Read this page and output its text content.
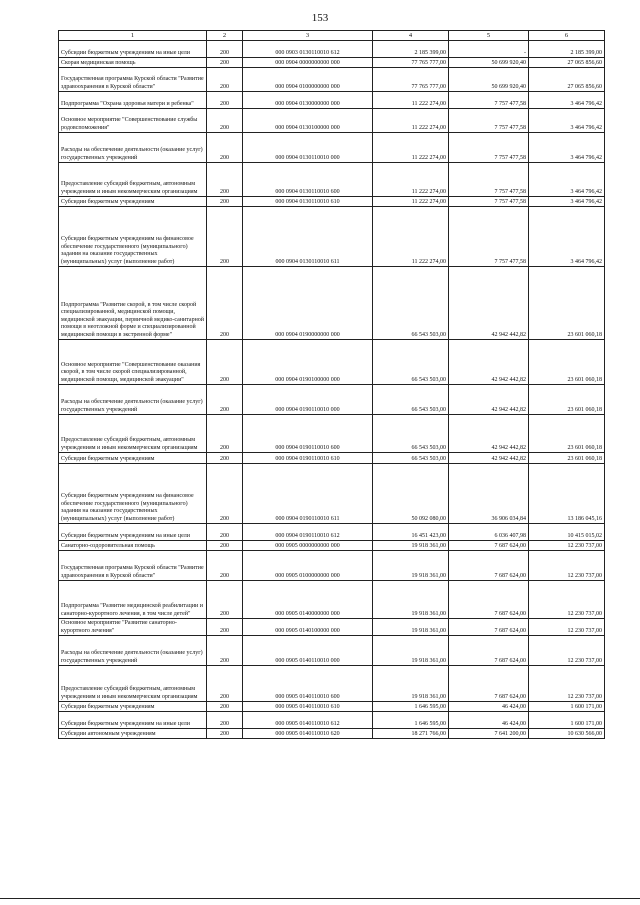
153
1	2	3	4	5	6
Субсидии бюджетным учреждениям на иные цели	200	000 0903 0130110010 612	2 185 399,00	-	2 185 399,00
Скорая медицинская помощь	200	000 0904 0000000000 000	77 765 777,00	50 699 920,40	27 065 856,60
Государственная программа Курской области "Развитие здравоохранения в Курской области"	200	000 0904 0100000000 000	77 765 777,00	50 699 920,40	27 065 856,60
Подпрограмма "Охрана здоровья матери и ребенка"	200	000 0904 0130000000 000	11 222 274,00	7 757 477,58	3 464 796,42
Основное мероприятие "Совершенствование службы родовспоможения"	200	000 0904 0130100000 000	11 222 274,00	7 757 477,58	3 464 796,42
Расходы на обеспечение деятельности (оказание услуг) государственных учреждений	200	000 0904 0130110010 000	11 222 274,00	7 757 477,58	3 464 796,42
Предоставление субсидий бюджетным, автономным учреждениям и иным некоммерческим организациям	200	000 0904 0130110010 600	11 222 274,00	7 757 477,58	3 464 796,42
Субсидии бюджетным учреждениям	200	000 0904 0130110010 610	11 222 274,00	7 757 477,58	3 464 796,42
Субсидии бюджетным учреждениям на финансовое обеспечение государственного (муниципального) задания на оказание государственных (муниципальных) услуг (выполнение работ)	200	000 0904 0130110010 611	11 222 274,00	7 757 477,58	3 464 796,42
Подпрограмма "Развитие скорой, в том числе скорой специализированной, медицинской помощи, медицинской эвакуации, первичной медико-санитарной помощи в неотложной форме и специализированной медицинской помощи в экстренной форме"	200	000 0904 0190000000 000	66 543 503,00	42 942 442,82	23 601 060,18
Основное мероприятие "Совершенствование оказания скорой, в том числе скорой специализированной, медицинской помощи, медицинской эвакуации"	200	000 0904 0190100000 000	66 543 503,00	42 942 442,82	23 601 060,18
Расходы на обеспечение деятельности (оказание услуг) государственных учреждений	200	000 0904 0190110010 000	66 543 503,00	42 942 442,82	23 601 060,18
Предоставление субсидий бюджетным, автономным учреждениям и иным некоммерческим организациям	200	000 0904 0190110010 600	66 543 503,00	42 942 442,82	23 601 060,18
Субсидии бюджетным учреждениям	200	000 0904 0190110010 610	66 543 503,00	42 942 442,82	23 601 060,18
Субсидии бюджетным учреждениям на финансовое обеспечение государственного (муниципального) задания на оказание государственных (муниципальных) услуг (выполнение работ)	200	000 0904 0190110010 611	50 092 080,00	36 906 034,84	13 186 045,16
Субсидии бюджетным учреждениям на иные цели	200	000 0904 0190110010 612	16 451 423,00	6 036 407,98	10 415 015,02
Санаторно-оздоровительная помощь	200	000 0905 0000000000 000	19 918 361,00	7 687 624,00	12 230 737,00
Государственная программа Курской области "Развитие здравоохранения в Курской области"	200	000 0905 0100000000 000	19 918 361,00	7 687 624,00	12 230 737,00
Подпрограмма "Развитие медицинской реабилитации и санаторно-курортного лечения, в том числе детей"	200	000 0905 0140000000 000	19 918 361,00	7 687 624,00	12 230 737,00
Основное мероприятие "Развитие санаторно-курортного лечения"	200	000 0905 0140100000 000	19 918 361,00	7 687 624,00	12 230 737,00
Расходы на обеспечение деятельности (оказание услуг) государственных учреждений	200	000 0905 0140110010 000	19 918 361,00	7 687 624,00	12 230 737,00
Предоставление субсидий бюджетным, автономным учреждениям и иным некоммерческим организациям	200	000 0905 0140110010 600	19 918 361,00	7 687 624,00	12 230 737,00
Субсидии бюджетным учреждениям	200	000 0905 0140110010 610	1 646 595,00	46 424,00	1 600 171,00
Субсидии бюджетным учреждениям на иные цели	200	000 0905 0140110010 612	1 646 595,00	46 424,00	1 600 171,00
Субсидии автономным учреждениям	200	000 0905 0140110010 620	18 271 766,00	7 641 200,00	10 630 566,00
